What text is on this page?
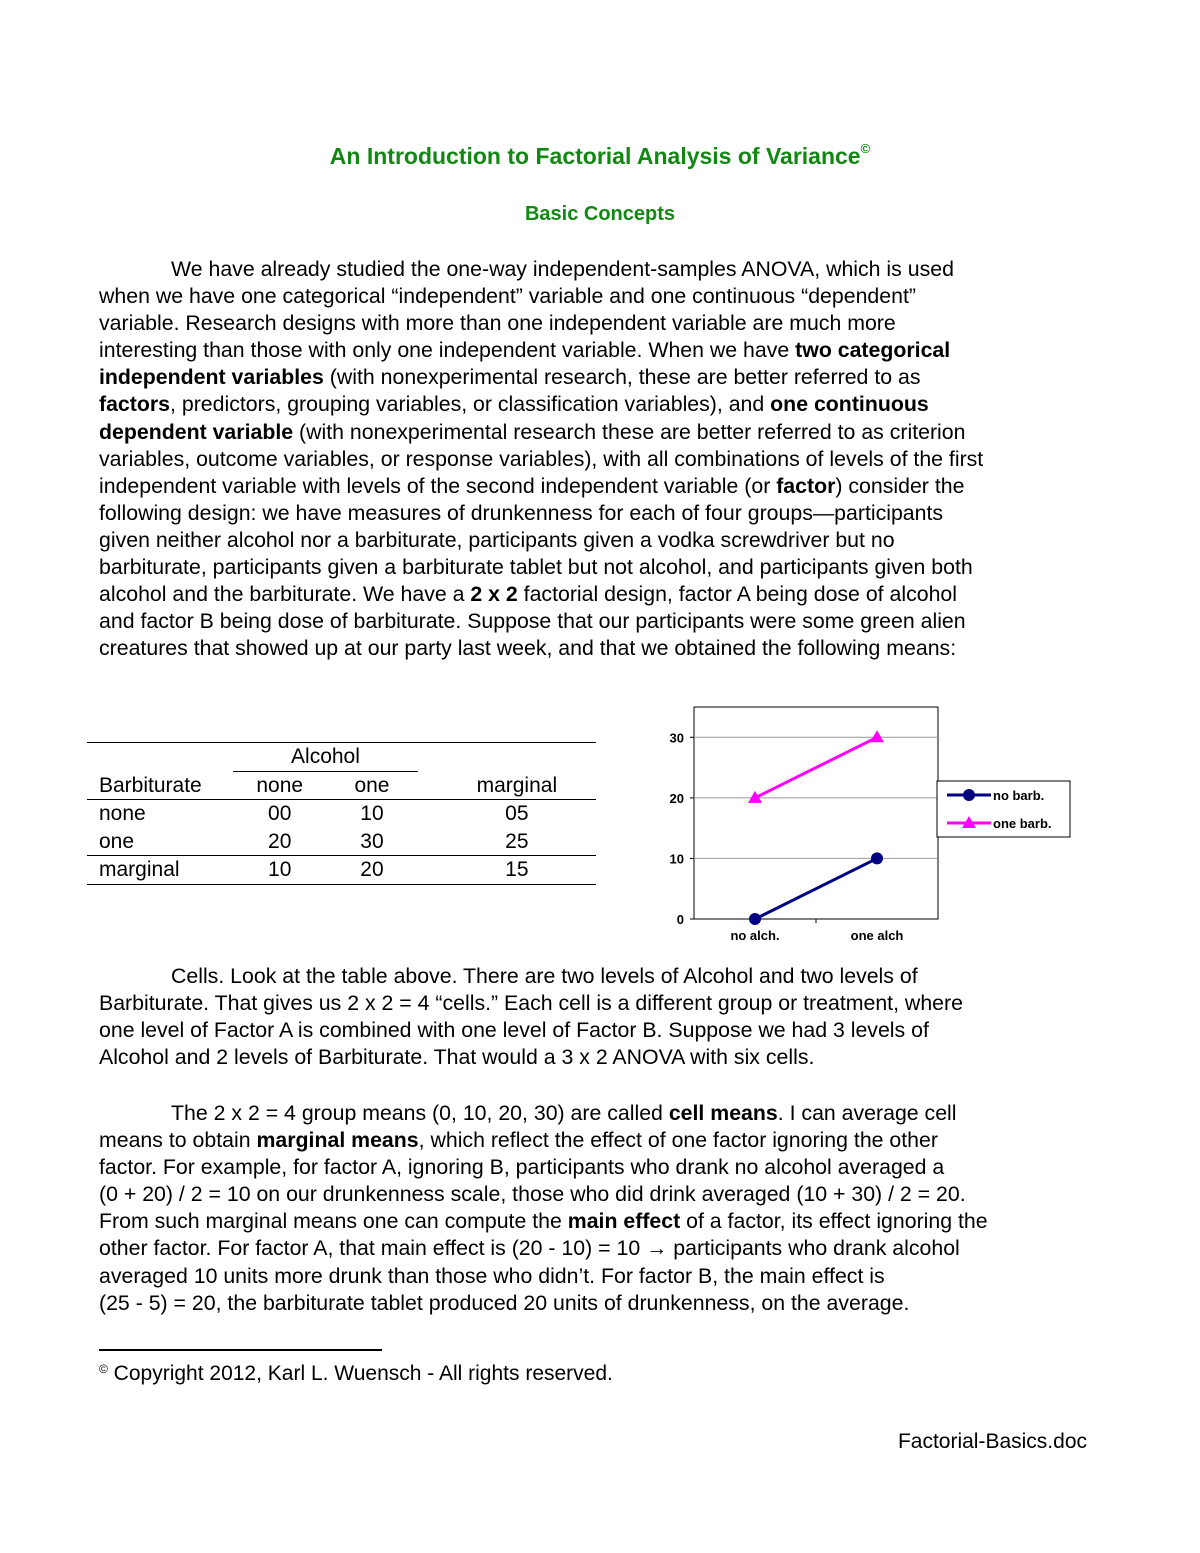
An Introduction to Factorial Analysis of Variance©
Basic Concepts
We have already studied the one-way independent-samples ANOVA, which is used
when we have one categorical “independent” variable and one continuous “dependent”
variable. Research designs with more than one independent variable are much more
interesting than those with only one independent variable. When we have two categorical
independent variables (with nonexperimental research, these are better referred to as
factors, predictors, grouping variables, or classification variables), and one continuous
dependent variable (with nonexperimental research these are better referred to as criterion
variables, outcome variables, or response variables), with all combinations of levels of the first
independent variable with levels of the second independent variable (or factor) consider the
following design: we have measures of drunkenness for each of four groups—participants
given neither alcohol nor a barbiturate, participants given a vodka screwdriver but no
barbiturate, participants given a barbiturate tablet but not alcohol, and participants given both
alcohol and the barbiturate. We have a 2 x 2 factorial design, factor A being dose of alcohol
and factor B being dose of barbiturate. Suppose that our participants were some green alien
creatures that showed up at our party last week, and that we obtained the following means:

	Alcohol		

Barbiturate	none	one	marginal
none	00	10	05
one	20	30	25
marginal	10	20	15
0
10
20
30
no alch.	one alch
no barb.
one barb.
Cells. Look at the table above. There are two levels of Alcohol and two levels of
Barbiturate. That gives us 2 x 2 = 4 “cells.” Each cell is a different group or treatment, where
one level of Factor A is combined with one level of Factor B. Suppose we had 3 levels of
Alcohol and 2 levels of Barbiturate. That would a 3 x 2 ANOVA with six cells.
The 2 x 2 = 4 group means (0, 10, 20, 30) are called cell means. I can average cell
means to obtain marginal means, which reflect the effect of one factor ignoring the other
factor. For example, for factor A, ignoring B, participants who drank no alcohol averaged a
(0 + 20) / 2 = 10 on our drunkenness scale, those who did drink averaged (10 + 30) / 2 = 20.
From such marginal means one can compute the main effect of a factor, its effect ignoring the
other factor. For factor A, that main effect is (20 - 10) = 10 → participants who drank alcohol
averaged 10 units more drunk than those who didn’t. For factor B, the main effect is
(25 - 5) = 20, the barbiturate tablet produced 20 units of drunkenness, on the average.
© Copyright 2012, Karl L. Wuensch - All rights reserved.
Factorial-Basics.doc
